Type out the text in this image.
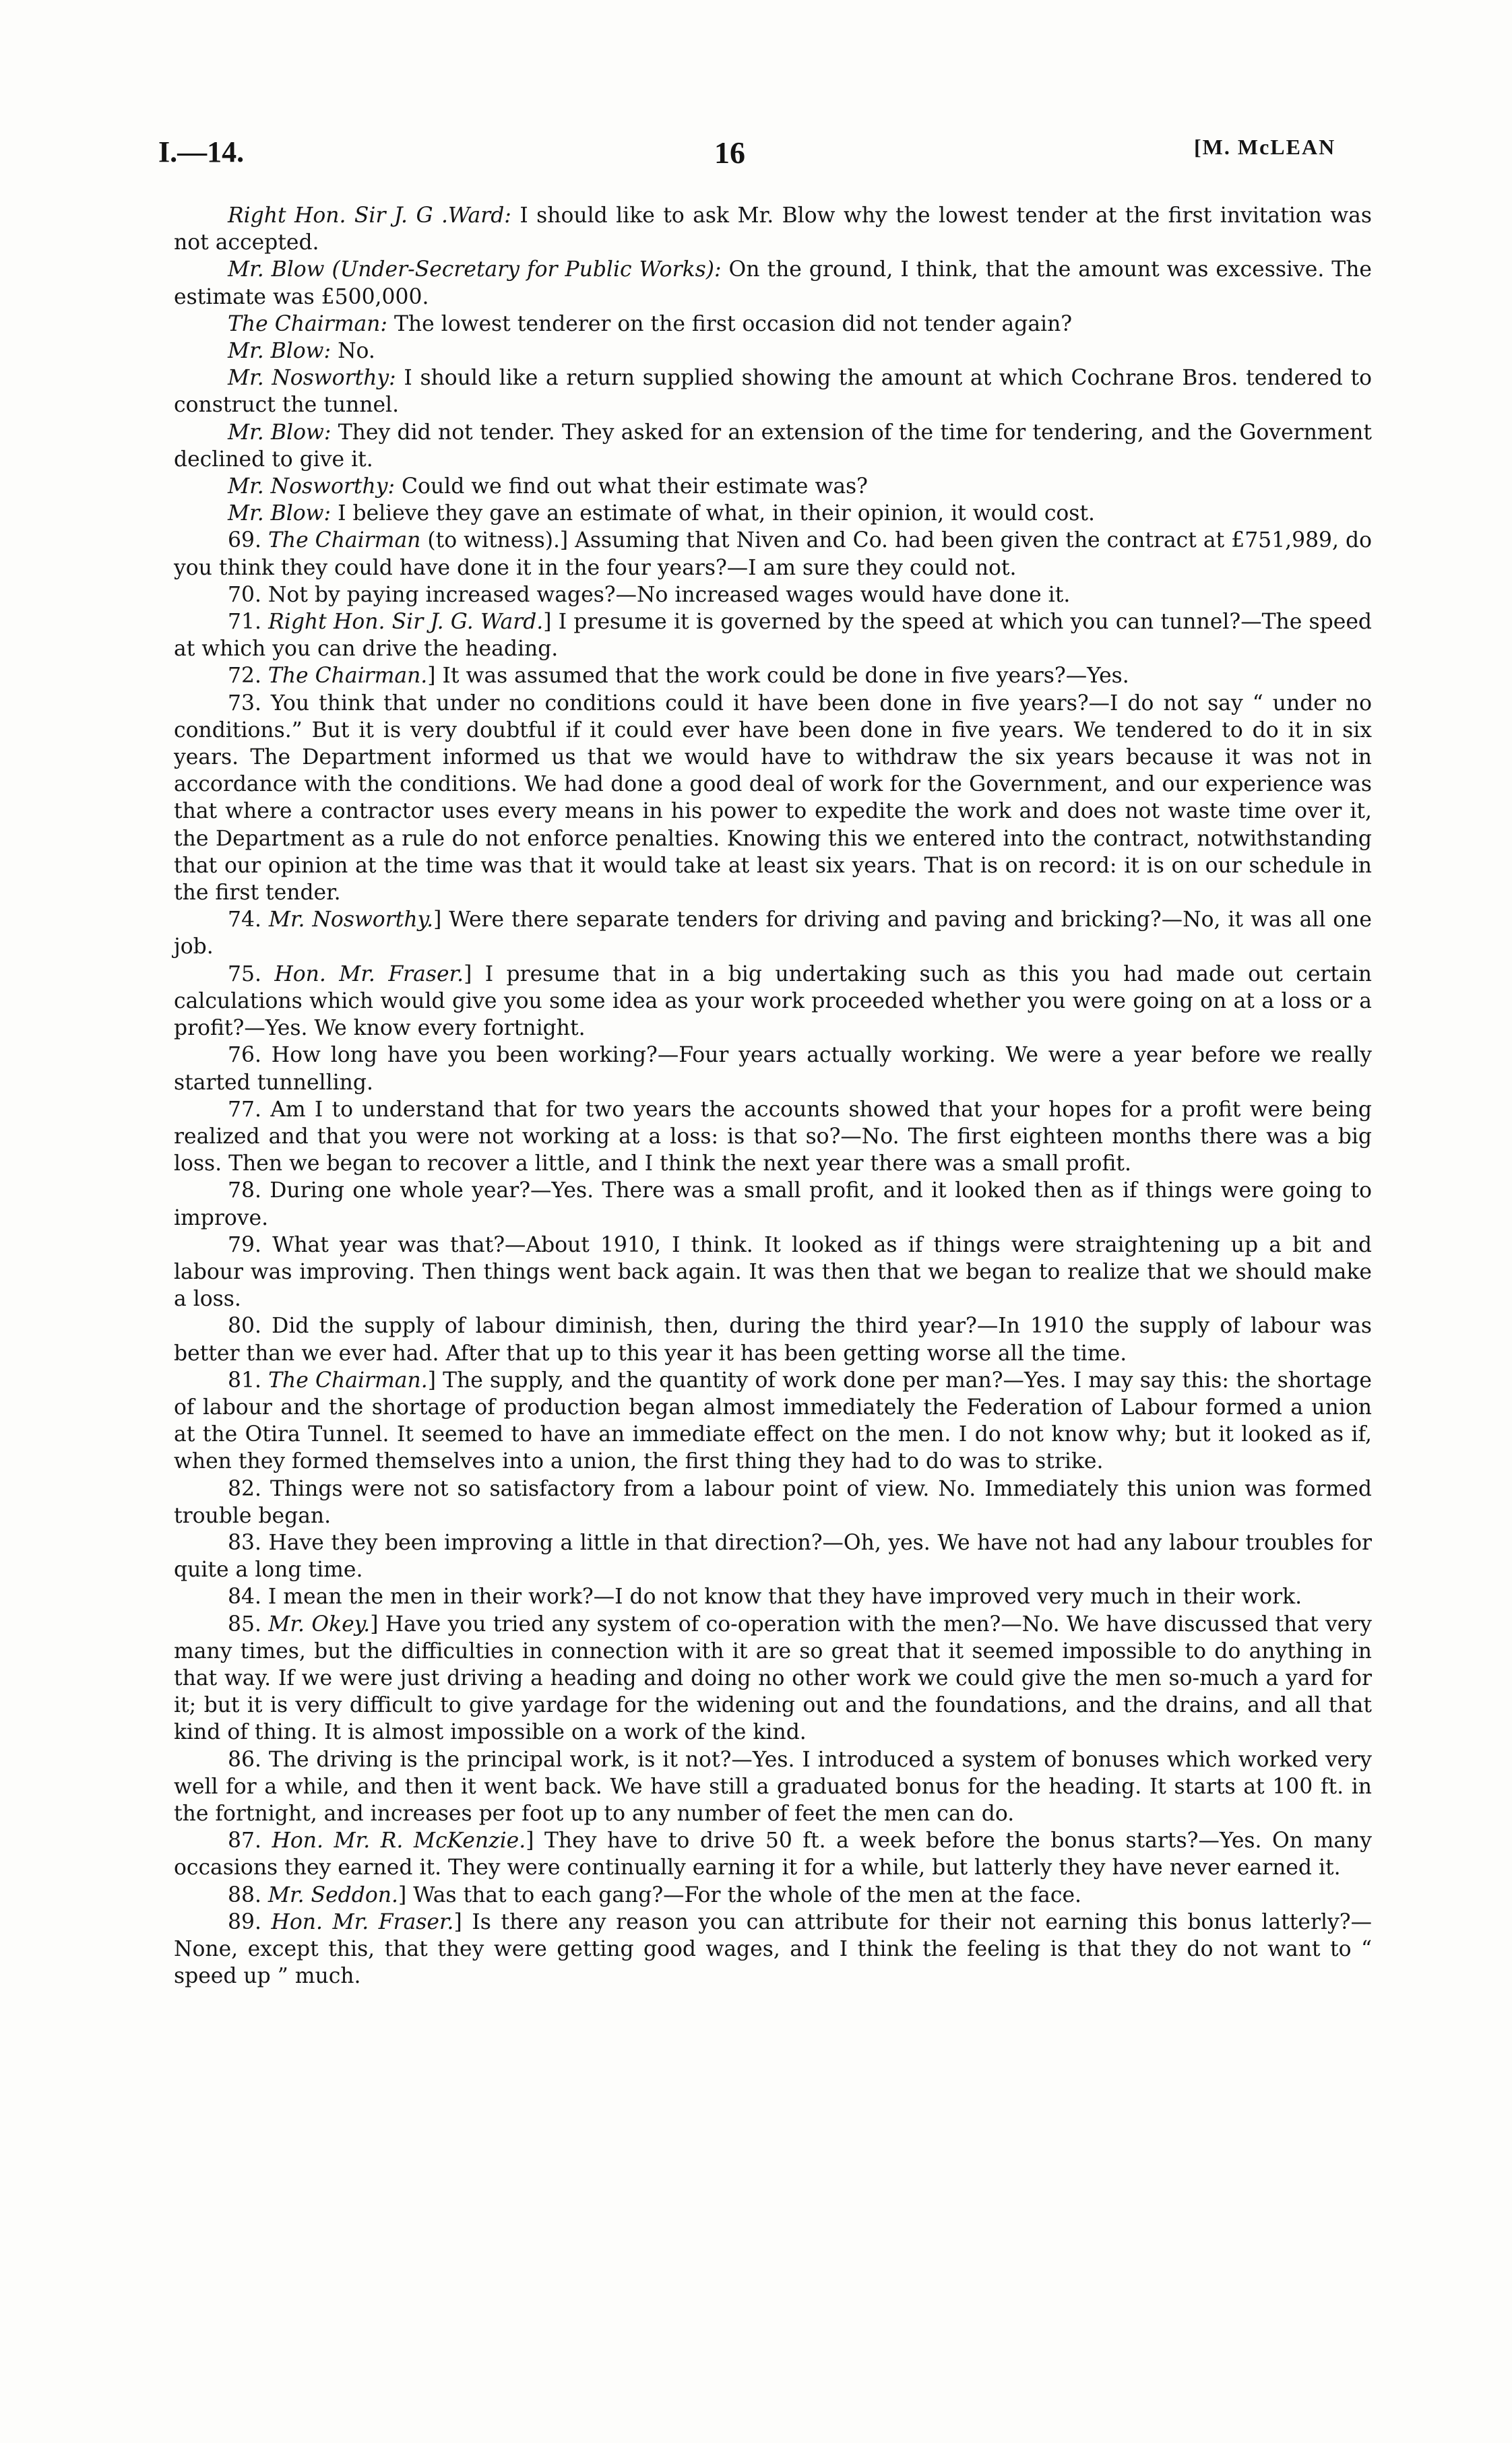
I.—14.	16	[M. McLEAN

Right Hon. Sir J. G .Ward: I should like to ask Mr. Blow why the lowest tender at the first invitation was not accepted.

Mr. Blow (Under-Secretary for Public Works): On the ground, I think, that the amount was excessive. The estimate was £500,000.

The Chairman: The lowest tenderer on the first occasion did not tender again?

Mr. Blow: No.

Mr. Nosworthy: I should like a return supplied showing the amount at which Cochrane Bros. tendered to construct the tunnel.

Mr. Blow: They did not tender. They asked for an extension of the time for tendering, and the Government declined to give it.

Mr. Nosworthy: Could we find out what their estimate was?

Mr. Blow: I believe they gave an estimate of what, in their opinion, it would cost.

69. The Chairman (to witness).] Assuming that Niven and Co. had been given the contract at £751,989, do you think they could have done it in the four years?—I am sure they could not.

70. Not by paying increased wages?—No increased wages would have done it.

71. Right Hon. Sir J. G. Ward.] I presume it is governed by the speed at which you can tunnel?—The speed at which you can drive the heading.

72. The Chairman.] It was assumed that the work could be done in five years?—Yes.

73. You think that under no conditions could it have been done in five years?—I do not say “ under no conditions.” But it is very doubtful if it could ever have been done in five years. We tendered to do it in six years. The Department informed us that we would have to withdraw the six years because it was not in accordance with the conditions. We had done a good deal of work for the Government, and our experience was that where a contractor uses every means in his power to expedite the work and does not waste time over it, the Department as a rule do not enforce penalties. Knowing this we entered into the contract, notwithstanding that our opinion at the time was that it would take at least six years. That is on record: it is on our schedule in the first tender.

74. Mr. Nosworthy.] Were there separate tenders for driving and paving and bricking?—No, it was all one job.

75. Hon. Mr. Fraser.] I presume that in a big undertaking such as this you had made out certain calculations which would give you some idea as your work proceeded whether you were going on at a loss or a profit?—Yes. We know every fortnight.

76. How long have you been working?—Four years actually working. We were a year before we really started tunnelling.

77. Am I to understand that for two years the accounts showed that your hopes for a profit were being realized and that you were not working at a loss: is that so?—No. The first eighteen months there was a big loss. Then we began to recover a little, and I think the next year there was a small profit.

78. During one whole year?—Yes. There was a small profit, and it looked then as if things were going to improve.

79. What year was that?—About 1910, I think. It looked as if things were straightening up a bit and labour was improving. Then things went back again. It was then that we began to realize that we should make a loss.

80. Did the supply of labour diminish, then, during the third year?—In 1910 the supply of labour was better than we ever had. After that up to this year it has been getting worse all the time.

81. The Chairman.] The supply, and the quantity of work done per man?—Yes. I may say this: the shortage of labour and the shortage of production began almost immediately the Federation of Labour formed a union at the Otira Tunnel. It seemed to have an immediate effect on the men. I do not know why; but it looked as if, when they formed themselves into a union, the first thing they had to do was to strike.

82. Things were not so satisfactory from a labour point of view. No. Immediately this union was formed trouble began.

83. Have they been improving a little in that direction?—Oh, yes. We have not had any labour troubles for quite a long time.

84. I mean the men in their work?—I do not know that they have improved very much in their work.

85. Mr. Okey.] Have you tried any system of co-operation with the men?—No. We have discussed that very many times, but the difficulties in connection with it are so great that it seemed impossible to do anything in that way. If we were just driving a heading and doing no other work we could give the men so-much a yard for it; but it is very difficult to give yardage for the widening out and the foundations, and the drains, and all that kind of thing. It is almost impossible on a work of the kind.

86. The driving is the principal work, is it not?—Yes. I introduced a system of bonuses which worked very well for a while, and then it went back. We have still a graduated bonus for the heading. It starts at 100 ft. in the fortnight, and increases per foot up to any number of feet the men can do.

87. Hon. Mr. R. McKenzie.] They have to drive 50 ft. a week before the bonus starts?—Yes. On many occasions they earned it. They were continually earning it for a while, but latterly they have never earned it.

88. Mr. Seddon.] Was that to each gang?—For the whole of the men at the face.

89. Hon. Mr. Fraser.] Is there any reason you can attribute for their not earning this bonus latterly?—None, except this, that they were getting good wages, and I think the feeling is that they do not want to “ speed up ” much.
